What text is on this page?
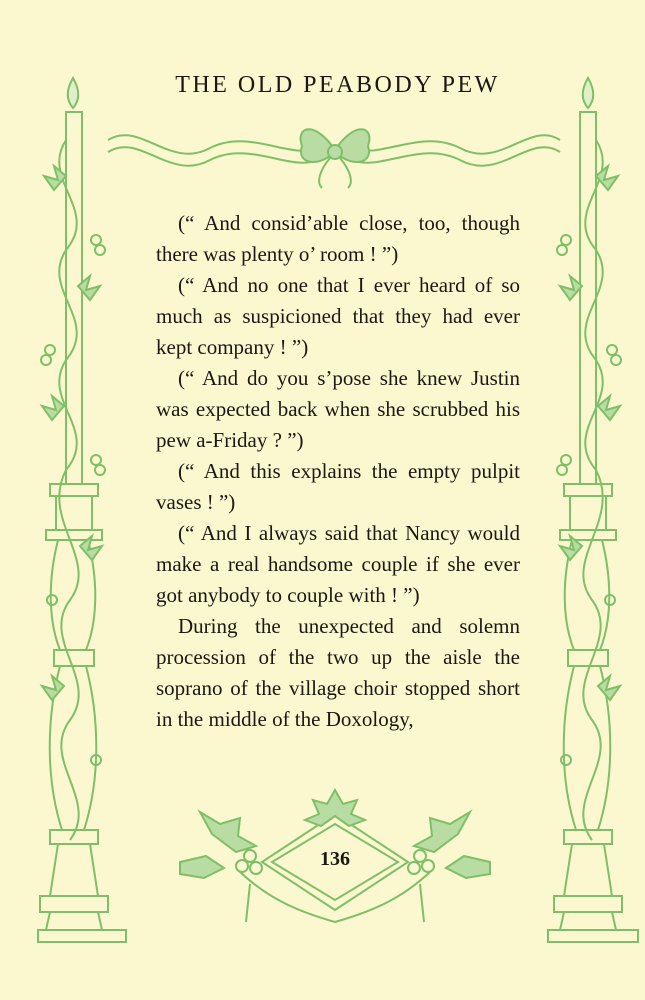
THE OLD PEABODY PEW

(“ And consid’able close, too, though there was plenty o’ room ! ”)

(“ And no one that I ever heard of so much as suspicioned that they had ever kept company ! ”)

(“ And do you s’pose she knew Justin was expected back when she scrubbed his pew a-Friday ? ”)

(“ And this explains the empty pulpit vases ! ”)

(“ And I always said that Nancy would make a real handsome couple if she ever got anybody to couple with ! ”)

During the unexpected and solemn procession of the two up the aisle the soprano of the village choir stopped short in the middle of the Doxology,

136
